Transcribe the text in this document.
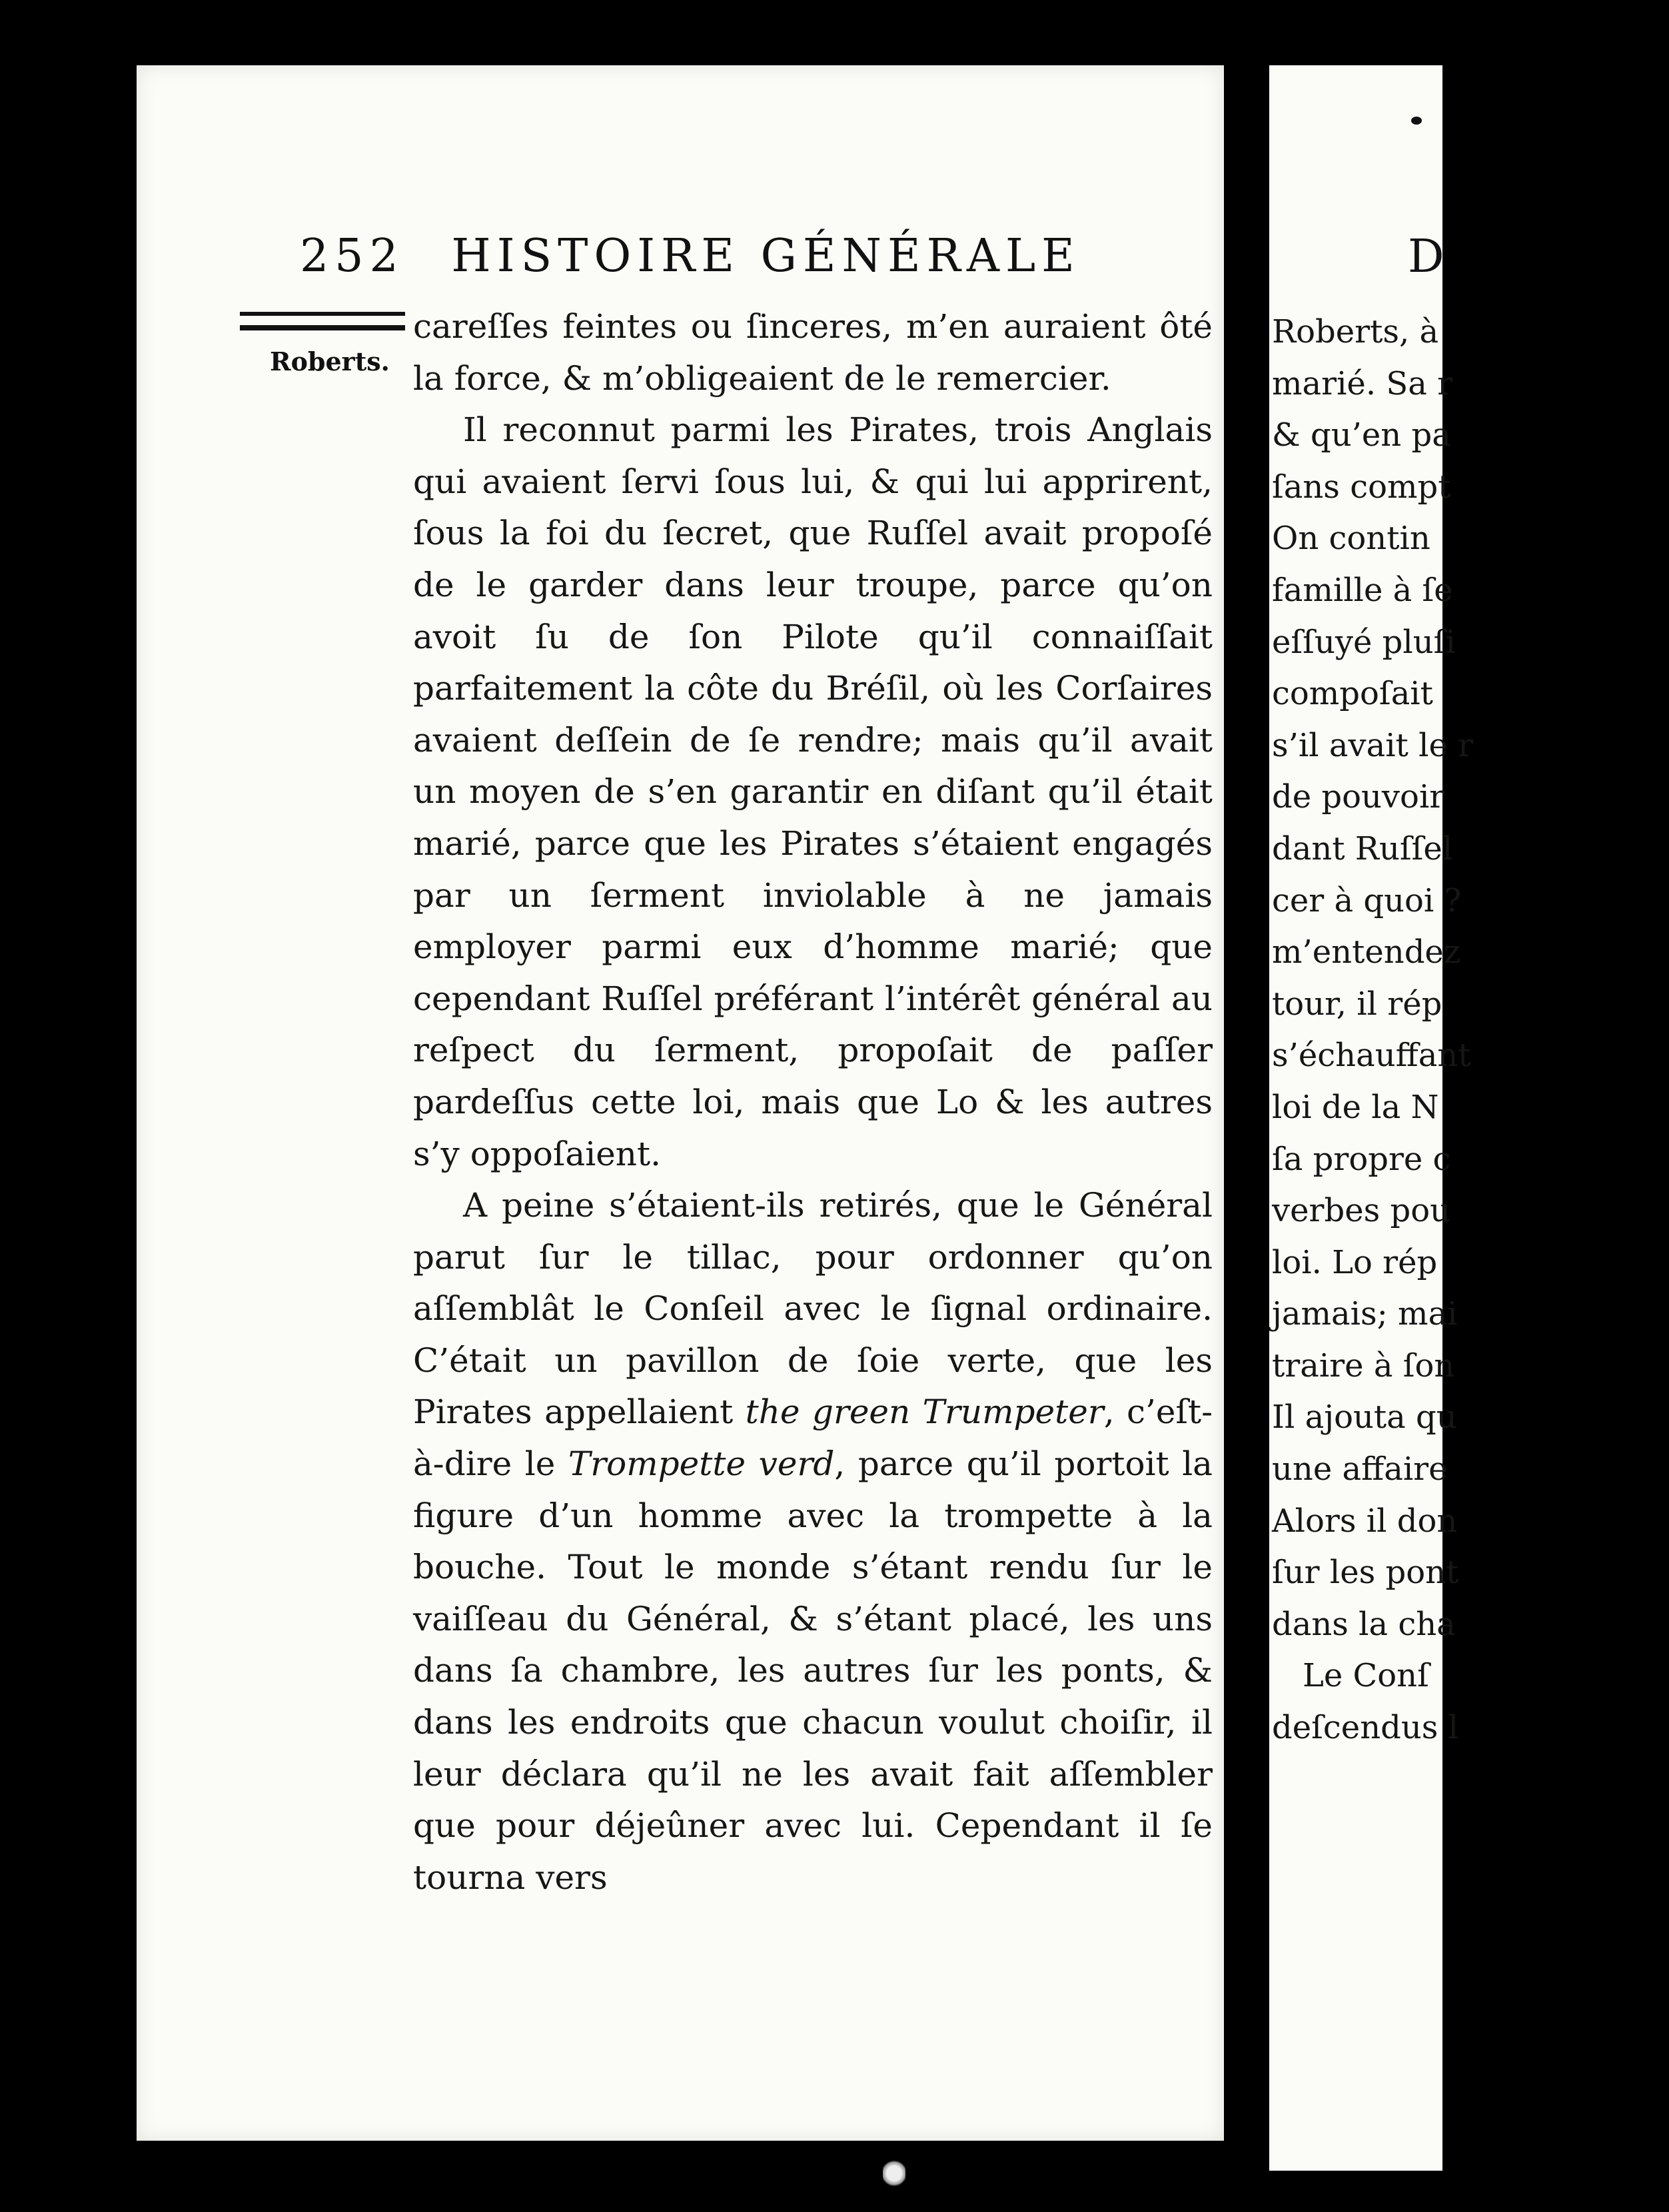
252 HISTOIRE GÉNÉRALE
Roberts.

careſſes feintes ou ſinceres, m’en auraient ôté la force, & m’obligeaient de le remercier.

Il reconnut parmi les Pirates, trois Anglais qui avaient ſervi ſous lui, & qui lui apprirent, ſous la foi du ſecret, que Ruſſel avait propoſé de le garder dans leur troupe, parce qu’on avoit ſu de ſon Pilote qu’il connaiſſait parfaitement la côte du Bréſil, où les Corſaires avaient deſſein de ſe rendre; mais qu’il avait un moyen de s’en garantir en diſant qu’il était marié, parce que les Pirates s’étaient engagés par un ſerment inviolable à ne jamais employer parmi eux d’homme marié; que cependant Ruſſel préférant l’intérêt général au reſpect du ſerment, propoſait de paſſer pardeſſus cette loi, mais que Lo & les autres s’y oppoſaient.

A peine s’étaient-ils retirés, que le Général parut ſur le tillac, pour ordonner qu’on aſſemblât le Conſeil avec le ſignal ordinaire. C’était un pavillon de ſoie verte, que les Pirates appellaient the green Trumpeter, c’eſt-à-dire le Trompette verd, parce qu’il portoit la figure d’un homme avec la trompette à la bouche. Tout le monde s’étant rendu ſur le vaiſſeau du Général, & s’étant placé, les uns dans ſa chambre, les autres ſur les ponts, & dans les endroits que chacun voulut choiſir, il leur déclara qu’il ne les avait fait aſſembler que pour déjeûner avec lui. Cependant il ſe tourna vers

D
Roberts, à
marié. Sa r
& qu’en pa
ſans compt
On contin
famille à ſe
eſſuyé pluſi
compoſait
s’il avait le r
de pouvoir
dant Ruſſel
cer à quoi ?
m’entendez
tour, il rép
s’échauffant
loi de la N
ſa propre c
verbes pou
loi. Lo rép
jamais; mai
traire à ſon
Il ajouta qu
une affaire
Alors il don
ſur les pont
dans la cha
Le Conſ
deſcendus l
